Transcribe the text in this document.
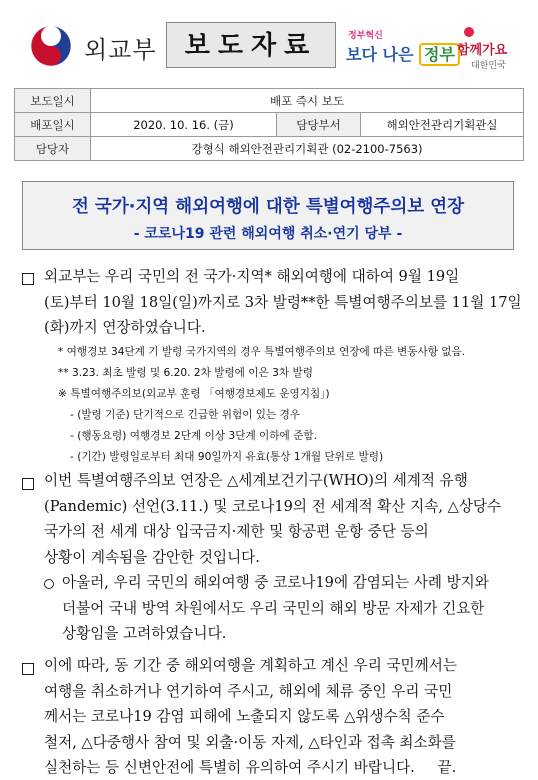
외교부	보도자료	정부혁신
보다 나은 정부 함께가요
대한민국
보도일시	배포 즉시 보도		
배포일시	2020. 10. 16. (금)	담당부서	해외안전관리기획관실
담당자	강형식 해외안전관리기획관 (02-2100-7563)		
전 국가·지역 해외여행에 대한 특별여행주의보 연장
- 코로나19 관련 해외여행 취소·연기 당부 -
외교부는 우리 국민의 전 국가·지역* 해외여행에 대하여 9월 19일
(토)부터 10월 18일(일)까지로 3차 발령**한 특별여행주의보를 11월 17일
(화)까지 연장하였습니다.
* 여행경보 34단계 기 발령 국가지역의 경우 특별여행주의보 연장에 따른 변동사항 없음.
** 3.23. 최초 발령 및 6.20. 2차 발령에 이은 3차 발령
※ 특별여행주의보(외교부 훈령 「여행경보제도 운영지침」)
- (발령 기준) 단기적으로 긴급한 위험이 있는 경우
- (행동요령) 여행경보 2단계 이상 3단계 이하에 준함.
- (기간) 발령일로부터 최대 90일까지 유효(통상 1개월 단위로 발령)
이번 특별여행주의보 연장은 △세계보건기구(WHO)의 세계적 유행
(Pandemic) 선언(3.11.) 및 코로나19의 전 세계적 확산 지속, △상당수
국가의 전 세계 대상 입국금지·제한 및 항공편 운항 중단 등의
상황이 계속됨을 감안한 것입니다.
아울러, 우리 국민의 해외여행 중 코로나19에 감염되는 사례 방지와
더불어 국내 방역 차원에서도 우리 국민의 해외 방문 자제가 긴요한
상황임을 고려하였습니다.
이에 따라, 동 기간 중 해외여행을 계획하고 계신 우리 국민께서는
여행을 취소하거나 연기하여 주시고, 해외에 체류 중인 우리 국민
께서는 코로나19 감염 피해에 노출되지 않도록 △위생수칙 준수
철저, △다중행사 참여 및 외출·이동 자제, △타인과 접촉 최소화를
실천하는 등 신변안전에 특별히 유의하여 주시기 바랍니다. 끝.
